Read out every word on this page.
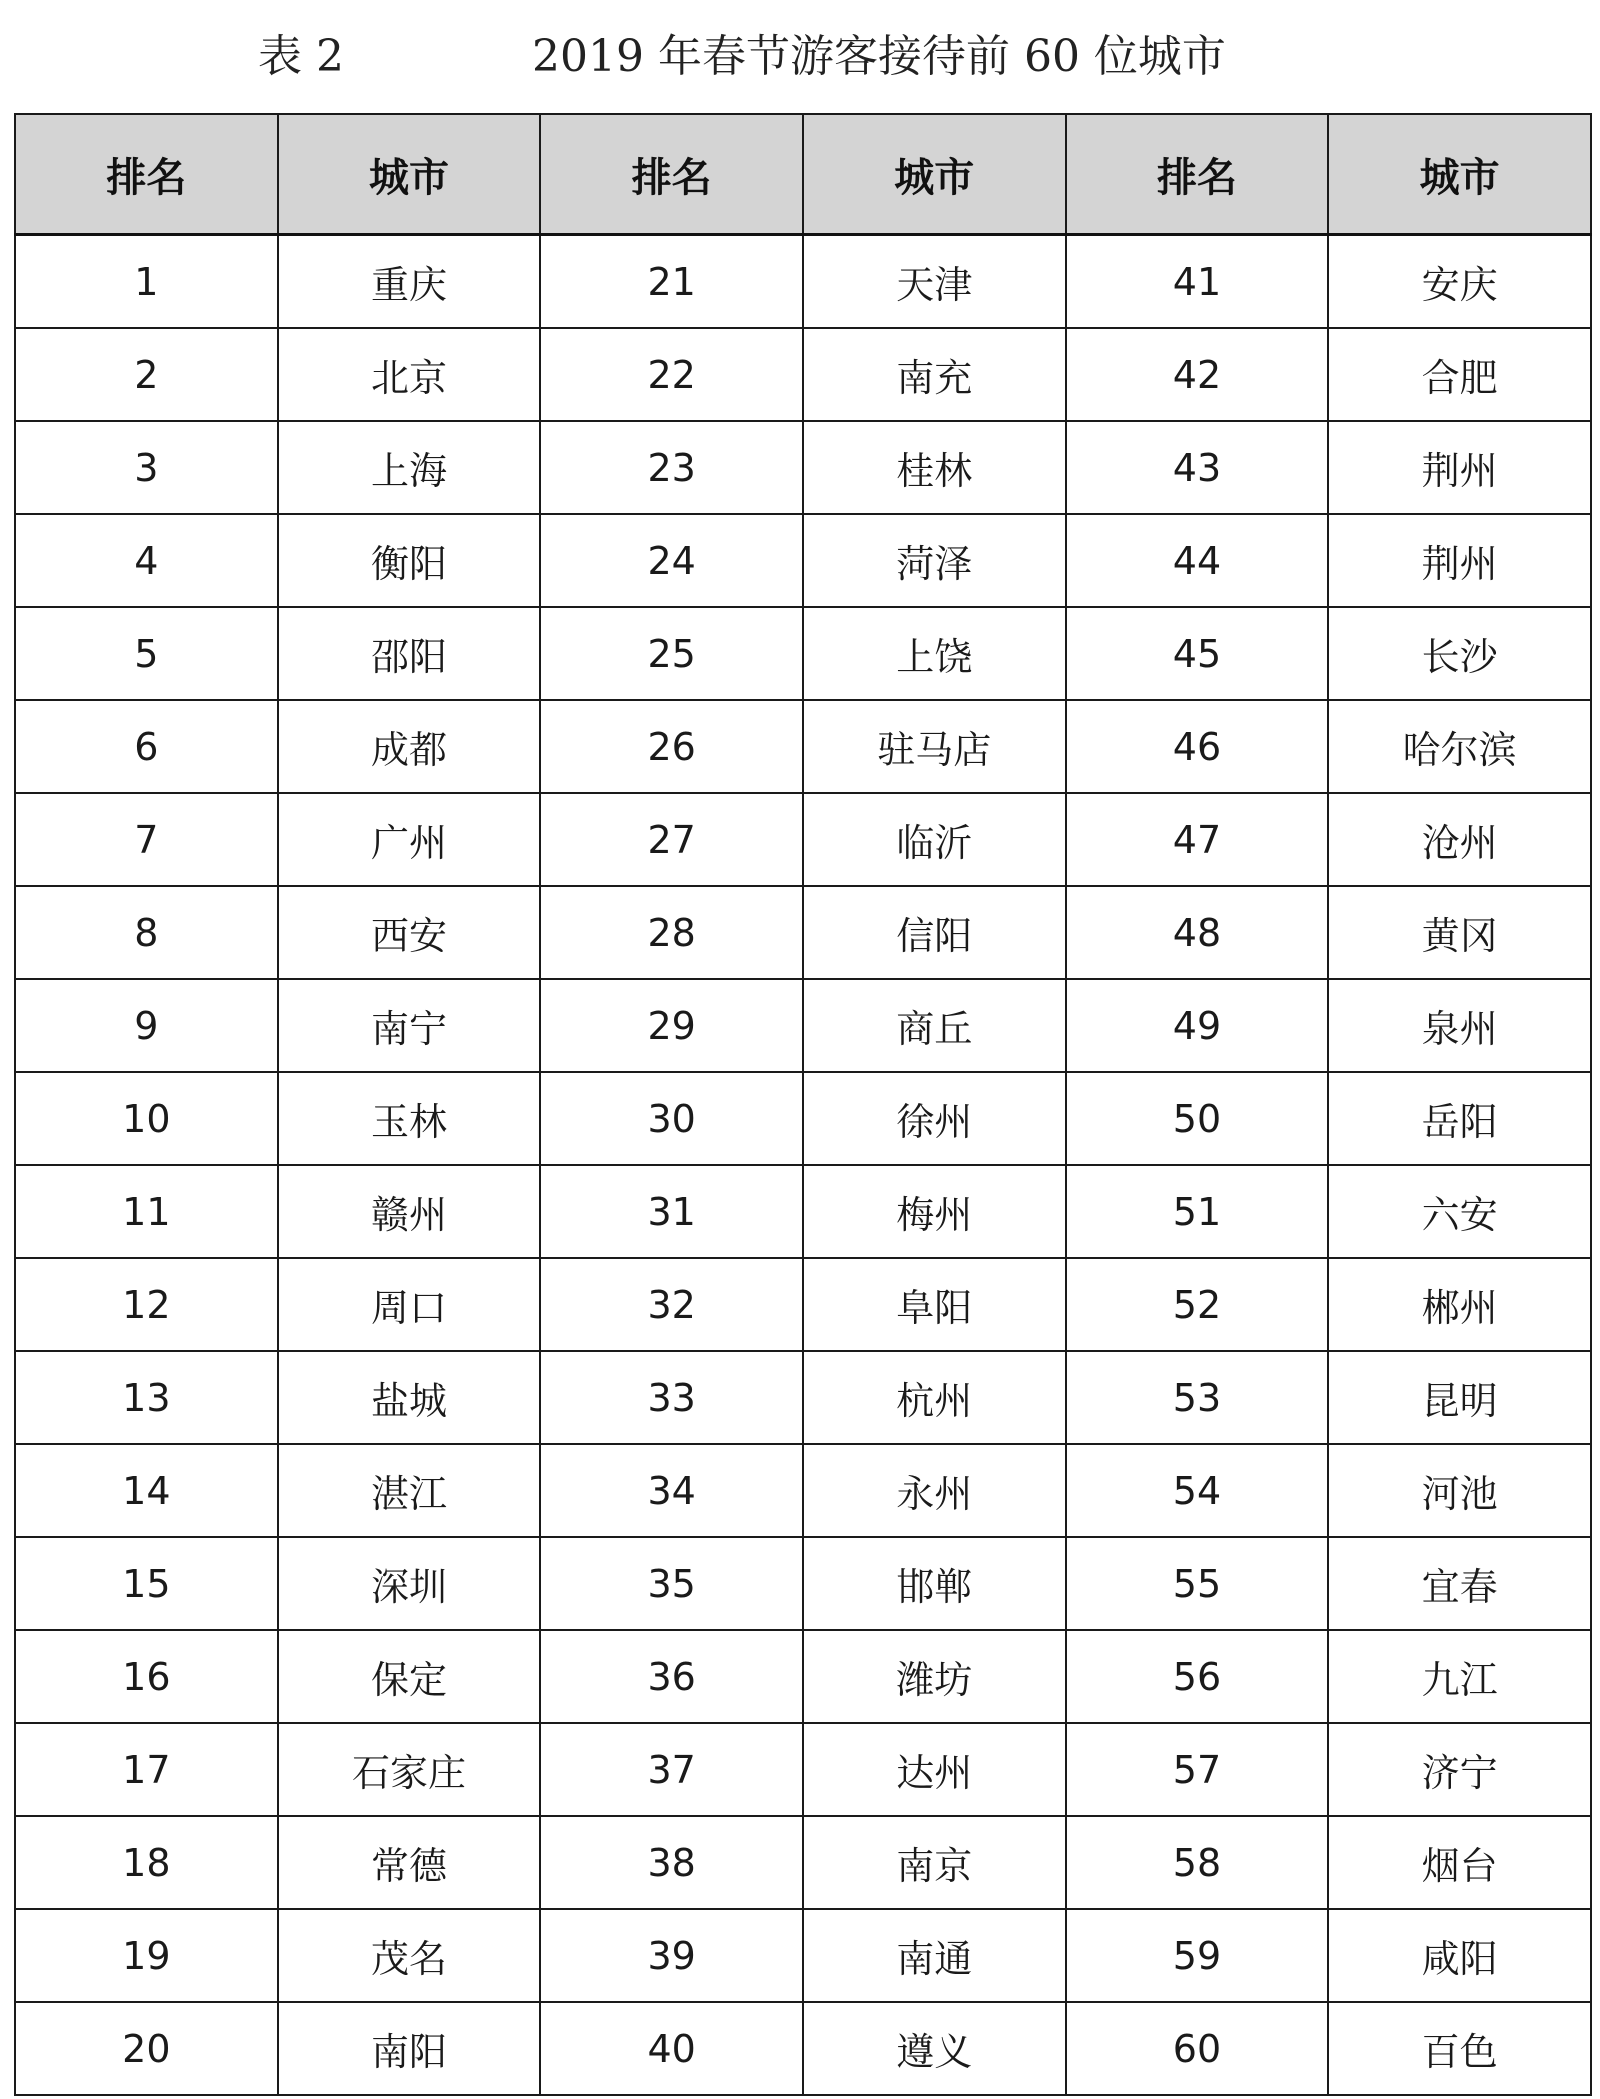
表 2	2019 年春节游客接待前 60 位城市
排名	城市	排名	城市	排名	城市
1	重庆	21	天津	41	安庆
2	北京	22	南充	42	合肥
3	上海	23	桂林	43	荆州
4	衡阳	24	菏泽	44	荆州
5	邵阳	25	上饶	45	长沙
6	成都	26	驻马店	46	哈尔滨
7	广州	27	临沂	47	沧州
8	西安	28	信阳	48	黄冈
9	南宁	29	商丘	49	泉州
10	玉林	30	徐州	50	岳阳
11	赣州	31	梅州	51	六安
12	周口	32	阜阳	52	郴州
13	盐城	33	杭州	53	昆明
14	湛江	34	永州	54	河池
15	深圳	35	邯郸	55	宜春
16	保定	36	潍坊	56	九江
17	石家庄	37	达州	57	济宁
18	常德	38	南京	58	烟台
19	茂名	39	南通	59	咸阳
20	南阳	40	遵义	60	百色
